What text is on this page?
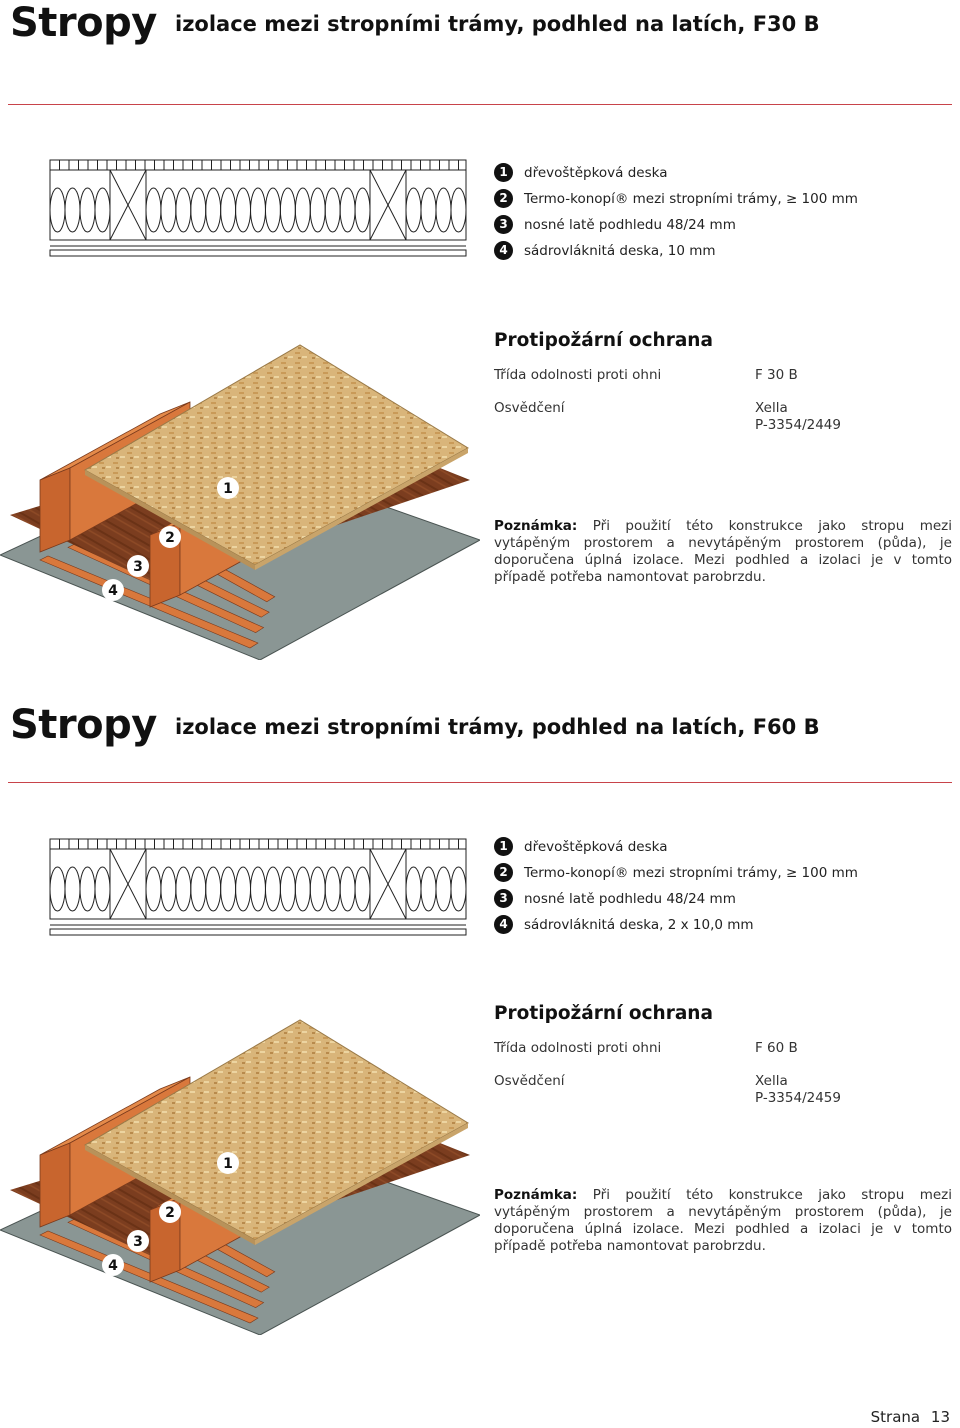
Stropy izolace mezi stropními trámy, podhled na latích, F30 B
1	dřevoštěpková deska
2	Termo-konopí® mezi stropními trámy, ≥ 100 mm
3	nosné latě podhledu 48/24 mm
4	sádrovláknitá deska, 10 mm
Protipožární ochrana
Třída odolnosti proti ohni	F 30 B
Osvědčení	Xella
P-3354/2449
Poznámka: Při použití této konstrukce jako stropu mezi vytápěným prostorem a nevytápěným prostorem (půda), je doporučena úplná izolace. Mezi podhled a izolaci je v tomto případě potřeba namontovat parobrzdu.
1
2
3
4
Stropy izolace mezi stropními trámy, podhled na latích, F60 B
1	dřevoštěpková deska
2	Termo-konopí® mezi stropními trámy, ≥ 100 mm
3	nosné latě podhledu 48/24 mm
4	sádrovláknitá deska, 2 x 10,0 mm
Protipožární ochrana
Třída odolnosti proti ohni	F 60 B
Osvědčení	Xella
P-3354/2459
Poznámka: Při použití této konstrukce jako stropu mezi vytápěným prostorem a nevytápěným prostorem (půda), je doporučena úplná izolace. Mezi podhled a izolaci je v tomto případě potřeba namontovat parobrzdu.
1
2
3
4
Strana 13
